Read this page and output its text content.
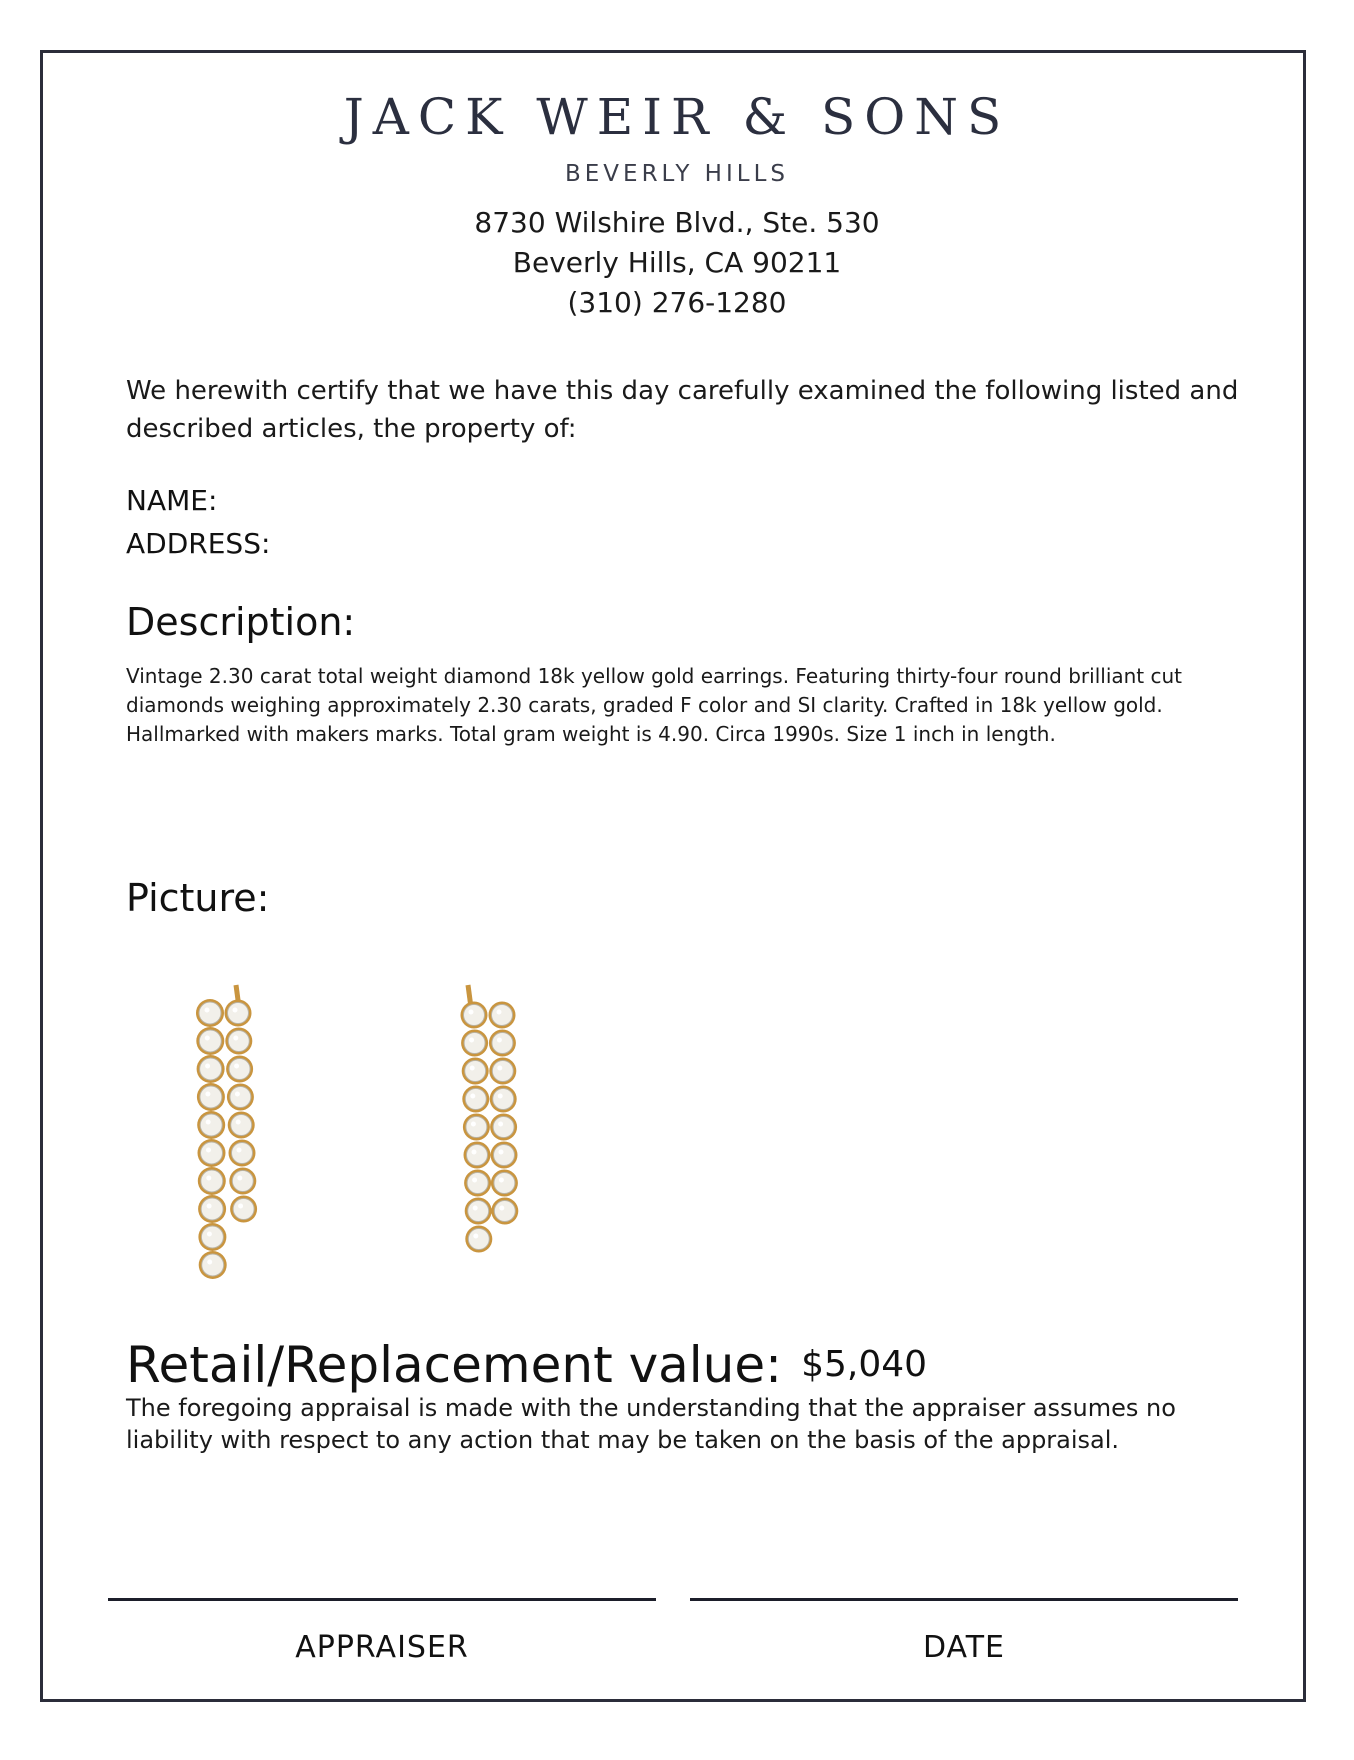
JACK WEIR & SONS
BEVERLY HILLS
8730 Wilshire Blvd., Ste. 530
Beverly Hills, CA 90211
(310) 276-1280
We herewith certify that we have this day carefully examined the following listed and described articles, the property of:
NAME:
ADDRESS:
Description:
Vintage 2.30 carat total weight diamond 18k yellow gold earrings. Featuring thirty-four round brilliant cut diamonds weighing approximately 2.30 carats, graded F color and SI clarity. Crafted in 18k yellow gold. Hallmarked with makers marks. Total gram weight is 4.90. Circa 1990s. Size 1 inch in length.
Picture:
Retail/Replacement value: $5,040
The foregoing appraisal is made with the understanding that the appraiser assumes no liability with respect to any action that may be taken on the basis of the appraisal.
APPRAISER	DATE
